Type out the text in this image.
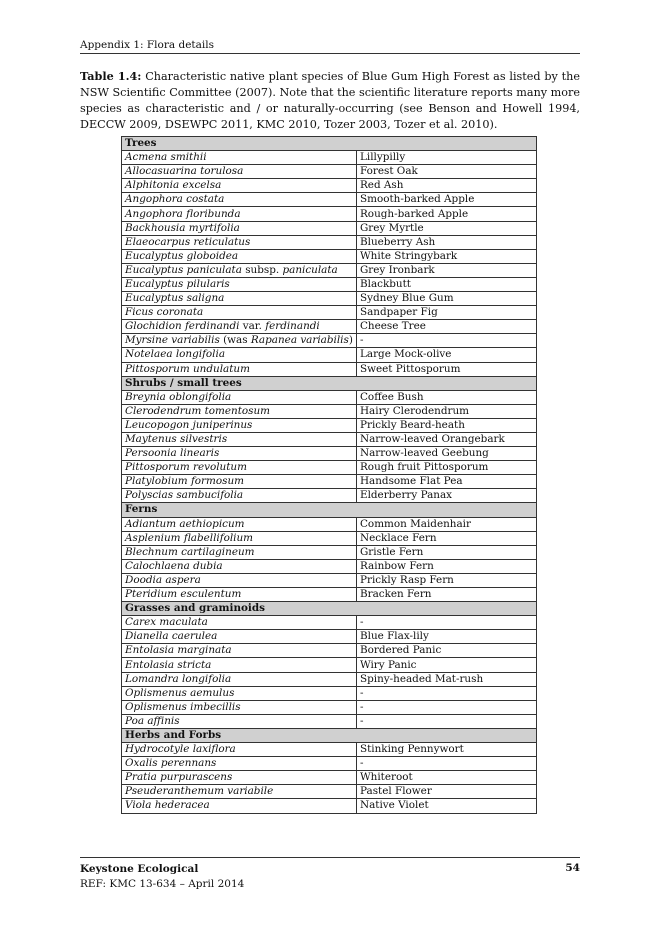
Appendix 1: Flora details
Table 1.4: Characteristic native plant species of Blue Gum High Forest as listed by the NSW Scientific Committee (2007). Note that the scientific literature reports many more species as characteristic and / or naturally-occurring (see Benson and Howell 1994, DECCW 2009, DSEWPC 2011, KMC 2010, Tozer 2003, Tozer et al. 2010).
Trees	
Acmena smithii	Lillypilly
Allocasuarina torulosa	Forest Oak
Alphitonia excelsa	Red Ash
Angophora costata	Smooth-barked Apple
Angophora floribunda	Rough-barked Apple
Backhousia myrtifolia	Grey Myrtle
Elaeocarpus reticulatus	Blueberry Ash
Eucalyptus globoidea	White Stringybark
Eucalyptus paniculata subsp. paniculata	Grey Ironbark
Eucalyptus pilularis	Blackbutt
Eucalyptus saligna	Sydney Blue Gum
Ficus coronata	Sandpaper Fig
Glochidion ferdinandi var. ferdinandi	Cheese Tree
Myrsine variabilis (was Rapanea variabilis)	-
Notelaea longifolia	Large Mock-olive
Pittosporum undulatum	Sweet Pittosporum
Shrubs / small trees	
Breynia oblongifolia	Coffee Bush
Clerodendrum tomentosum	Hairy Clerodendrum
Leucopogon juniperinus	Prickly Beard-heath
Maytenus silvestris	Narrow-leaved Orangebark
Persoonia linearis	Narrow-leaved Geebung
Pittosporum revolutum	Rough fruit Pittosporum
Platylobium formosum	Handsome Flat Pea
Polyscias sambucifolia	Elderberry Panax
Ferns	
Adiantum aethiopicum	Common Maidenhair
Asplenium flabellifolium	Necklace Fern
Blechnum cartilagineum	Gristle Fern
Calochlaena dubia	Rainbow Fern
Doodia aspera	Prickly Rasp Fern
Pteridium esculentum	Bracken Fern
Grasses and graminoids	
Carex maculata	-
Dianella caerulea	Blue Flax-lily
Entolasia marginata	Bordered Panic
Entolasia stricta	Wiry Panic
Lomandra longifolia	Spiny-headed Mat-rush
Oplismenus aemulus	-
Oplismenus imbecillis	-
Poa affinis	-
Herbs and Forbs	
Hydrocotyle laxiflora	Stinking Pennywort
Oxalis perennans	-
Pratia purpurascens	Whiteroot
Pseuderanthemum variabile	Pastel Flower
Viola hederacea	Native Violet
Keystone Ecological
REF: KMC 13-634 – April 2014
54
